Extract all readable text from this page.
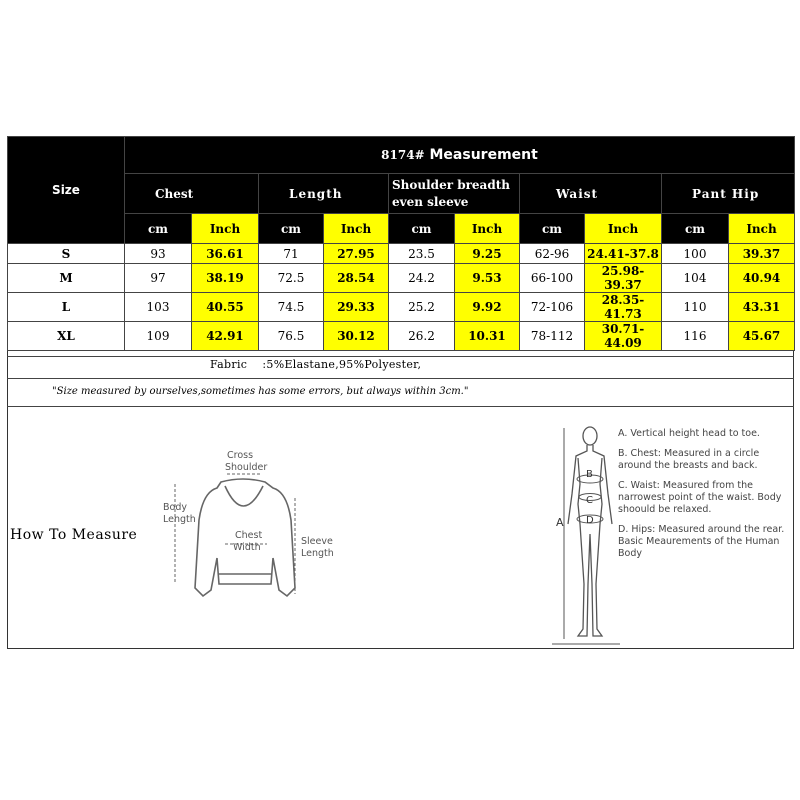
Size	8174# Measurement									
	Chest		Length		Shoulder breadth even sleeve		Waist		Pant Hip	
	cm	Inch	cm	Inch	cm	Inch	cm	Inch	cm	Inch
S	93	36.61	71	27.95	23.5	9.25	62-96	24.41-37.8	100	39.37
M	97	38.19	72.5	28.54	24.2	9.53	66-100	25.98-39.37	104	40.94
L	103	40.55	74.5	29.33	25.2	9.92	72-106	28.35-41.73	110	43.31
XL	109	42.91	76.5	30.12	26.2	10.31	78-112	30.71-44.09	116	45.67
Fabric    :5%Elastane,95%Polyester,
"Size measured by ourselves,sometimes has some errors, but always within 3cm."
How To Measure
Cross
Shoulder
Body
Length
Chest
Width
Sleeve
Length
A
B
C
D
A. Vertical height head to toe.
B. Chest: Measured in a circle around the breasts and back.
C. Waist: Measured from the narrowest point of the waist. Body shoould be relaxed.
D. Hips: Measured around the rear. Basic Meaurements of the Human Body
